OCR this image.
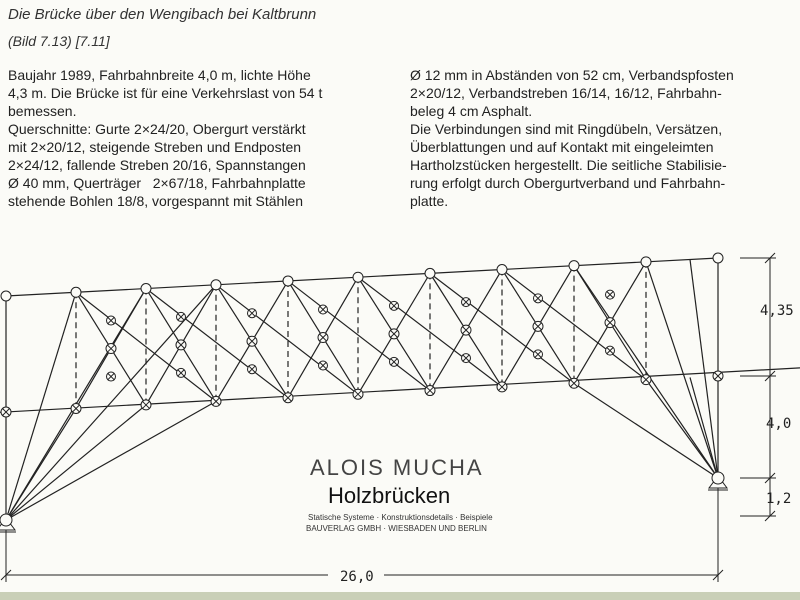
Die Brücke über den Wengibach bei Kaltbrunn
(Bild 7.13) [7.11]
Baujahr 1989, Fahrbahnbreite 4,0 m, lichte Höhe
4,3 m. Die Brücke ist für eine Verkehrslast von 54 t
bemessen.
Querschnitte: Gurte 2×24/20, Obergurt verstärkt
mit 2×20/12, steigende Streben und Endposten
2×24/12, fallende Streben 20/16, Spannstangen
Ø 40 mm, Querträger   2×67/18, Fahrbahnplatte
stehende Bohlen 18/8, vorgespannt mit Stählen
Ø 12 mm in Abständen von 52 cm, Verbandspfosten
2×20/12, Verbandstreben 16/14, 16/12, Fahrbahn-
beleg 4 cm Asphalt.
Die Verbindungen sind mit Ringdübeln, Versätzen,
Überblattungen und auf Kontakt mit eingeleimten
Hartholzstücken hergestellt. Die seitliche Stabilisie-
rung erfolgt durch Obergurtverband und Fahrbahn-
platte.
4,35
4,0
1,2
26,0
ALOIS MUCHA
Holzbrücken
Statische Systeme · Konstruktionsdetails · Beispiele
BAUVERLAG GMBH · WIESBADEN UND BERLIN
